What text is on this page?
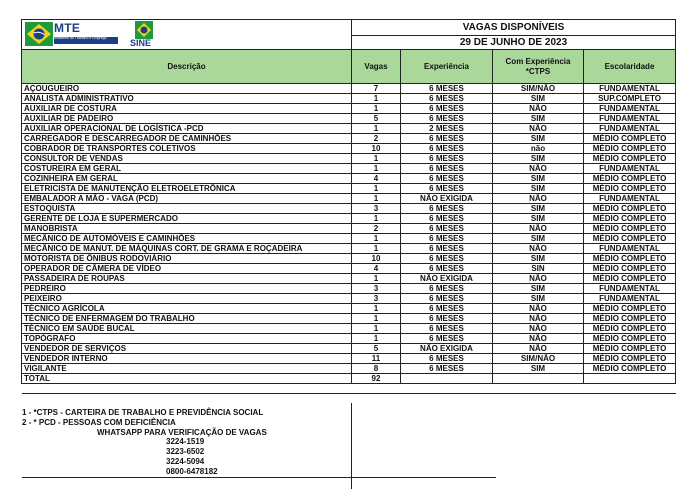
MTE
Ministério do Trabalho e Emprego SINE	VAGAS DISPONÍVEIS			
	29 DE JUNHO DE 2023			
Descrição	Vagas	Experiência	Com Experiência *CTPS	Escolaridade
AÇOUGUEIRO	7	6 MESES	SIM/NÃO	FUNDAMENTAL
ANALISTA ADMINISTRATIVO	1	6 MESES	SIM	SUP.COMPLETO
AUXILIAR DE COSTURA	1	6 MESES	NÃO	FUNDAMENTAL
AUXILIAR DE PADEIRO	5	6 MESES	SIM	FUNDAMENTAL
AUXILIAR OPERACIONAL DE LOGÍSTICA -PCD	1	2 MESES	NÃO	FUNDAMENTAL
CARREGADOR E DESCARREGADOR DE CAMINHÕES	2	6 MESES	SIM	MÉDIO COMPLETO
COBRADOR DE TRANSPORTES COLETIVOS	10	6 MESES	não	MÉDIO COMPLETO
CONSULTOR DE VENDAS	1	6 MESES	SIM	MÉDIO COMPLETO
COSTUREIRA EM GERAL	1	6 MESES	NÃO	FUNDAMENTAL
COZINHEIRA EM GERAL	4	6 MESES	SIM	MÉDIO COMPLETO
ELETRICISTA DE MANUTENÇÃO ELETROELETRÔNICA	1	6 MESES	SIM	MÉDIO COMPLETO
EMBALADOR A MÃO - VAGA (PCD)	1	NÃO EXIGIDA	NÃO	FUNDAMENTAL
ESTOQUISTA	3	6 MESES	SIM	MÉDIO COMPLETO
GERENTE DE LOJA E SUPERMERCADO	1	6 MESES	SIM	MÉDIO COMPLETO
MANOBRISTA	2	6 MESES	NÃO	MÉDIO COMPLETO
MECÂNICO DE AUTOMÓVEIS E CAMINHÕES	1	6 MESES	SIM	MÉDIO COMPLETO
MECÂNICO DE MANUT. DE MÁQUINAS CORT. DE GRAMA E ROÇADEIRA	1	6 MESES	NÃO	FUNDAMENTAL
MOTORISTA DE ÔNIBUS RODOVIÁRIO	10	6 MESES	SIM	MÉDIO COMPLETO
OPERADOR DE CÂMERA DE VÍDEO	4	6 MESES	SIN	MÉDIO COMPLETO
PASSADEIRA DE ROUPAS	1	NÃO EXIGIDA	NÃO	MÉDIO COMPLETO
PEDREIRO	3	6 MESES	SIM	FUNDAMENTAL
PEIXEIRO	3	6 MESES	SIM	FUNDAMENTAL
TÉCNICO AGRÍCOLA	1	6 MESES	NÃO	MÉDIO COMPLETO
TÉCNICO DE ENFERMAGEM DO TRABALHO	1	6 MESES	NÃO	MÉDIO COMPLETO
TÉCNICO EM SAÚDE BUCAL	1	6 MESES	NÃO	MÉDIO COMPLETO
TOPÓGRAFO	1	6 MESES	NÃO	MÉDIO COMPLETO
VENDEDOR DE SERVIÇOS	5	NÃO EXIGIDA	NÃO	MÉDIO COMPLETO
VENDEDOR INTERNO	11	6 MESES	SIM/NÃO	MÉDIO COMPLETO
VIGILANTE	8	6 MESES	SIM	MÉDIO COMPLETO
TOTAL	92			

1 - *CTPS - CARTEIRA DE TRABALHO E PREVIDÊNCIA SOCIAL
2 - * PCD - PESSOAS COM DEFICIÊNCIA
WHATSAPP PARA VERIFICAÇÃO DE VAGAS
3224-1519
3223-6502
3224-5094
0800-6478182
